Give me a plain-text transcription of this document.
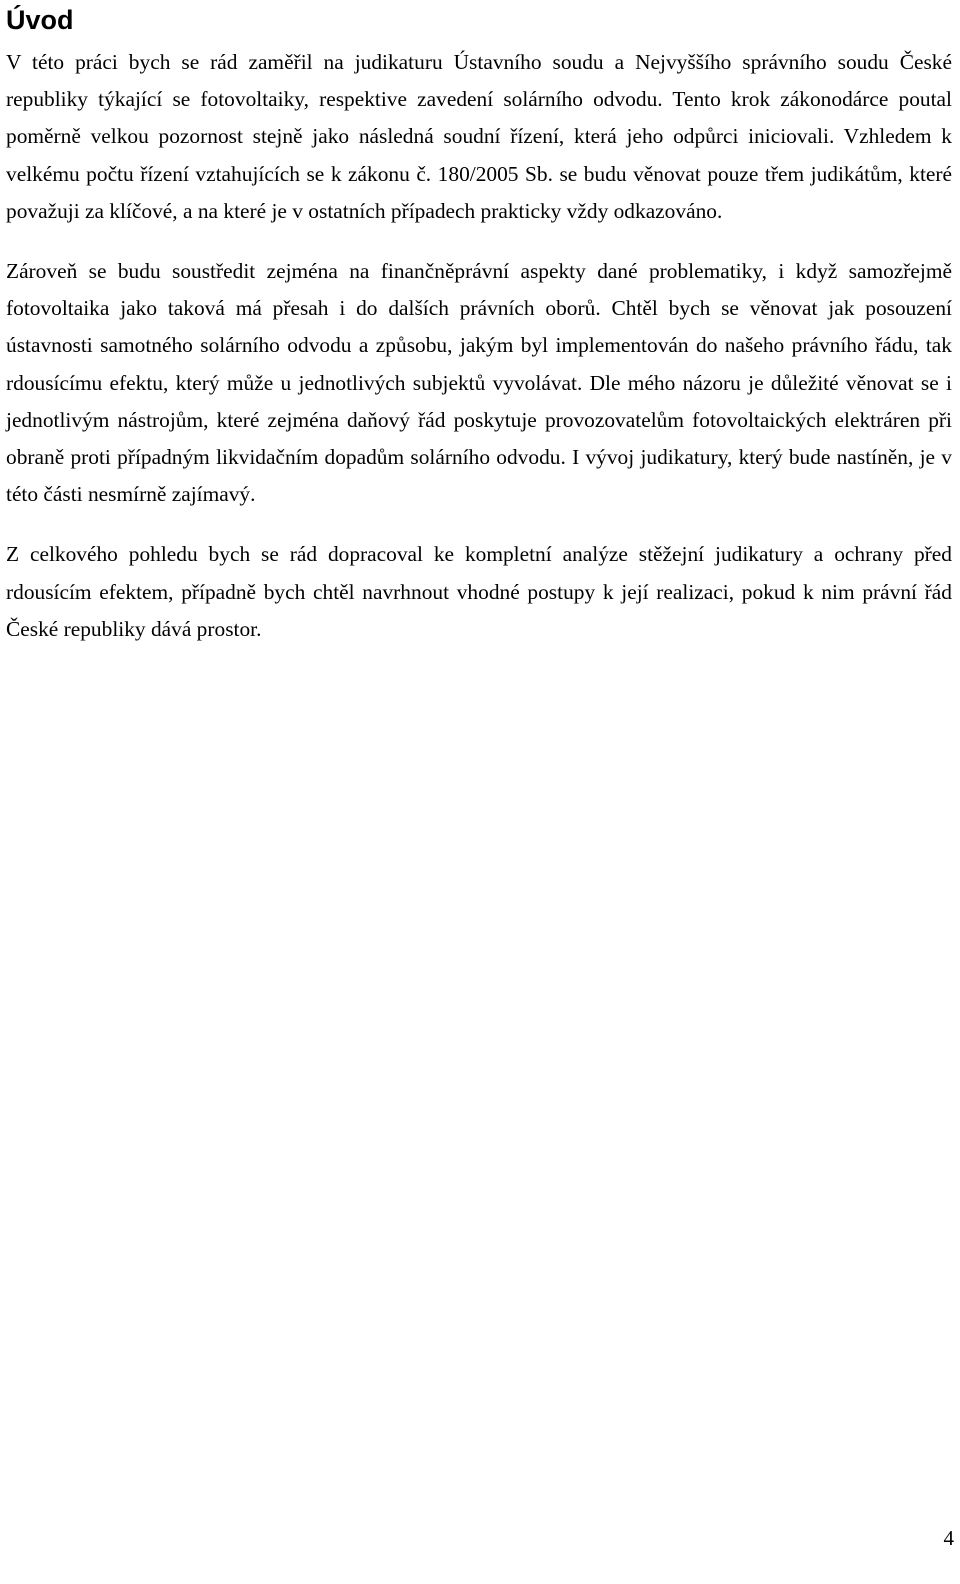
Úvod

V této práci bych se rád zaměřil na judikaturu Ústavního soudu a Nejvyššího správního soudu České republiky týkající se fotovoltaiky, respektive zavedení solárního odvodu. Tento krok zákonodárce poutal poměrně velkou pozornost stejně jako následná soudní řízení, která jeho odpůrci iniciovali. Vzhledem k velkému počtu řízení vztahujících se k zákonu č. 180/2005 Sb. se budu věnovat pouze třem judikátům, které považuji za klíčové, a na které je v ostatních případech prakticky vždy odkazováno.

Zároveň se budu soustředit zejména na finančněprávní aspekty dané problematiky, i když samozřejmě fotovoltaika jako taková má přesah i do dalších právních oborů. Chtěl bych se věnovat jak posouzení ústavnosti samotného solárního odvodu a způsobu, jakým byl implementován do našeho právního řádu, tak rdousícímu efektu, který může u jednotlivých subjektů vyvolávat. Dle mého názoru je důležité věnovat se i jednotlivým nástrojům, které zejména daňový řád poskytuje provozovatelům fotovoltaických elektráren při obraně proti případným likvidačním dopadům solárního odvodu. I vývoj judikatury, který bude nastíněn, je v této části nesmírně zajímavý.

Z celkového pohledu bych se rád dopracoval ke kompletní analýze stěžejní judikatury a ochrany před rdousícím efektem, případně bych chtěl navrhnout vhodné postupy k její realizaci, pokud k nim právní řád České republiky dává prostor.

4
